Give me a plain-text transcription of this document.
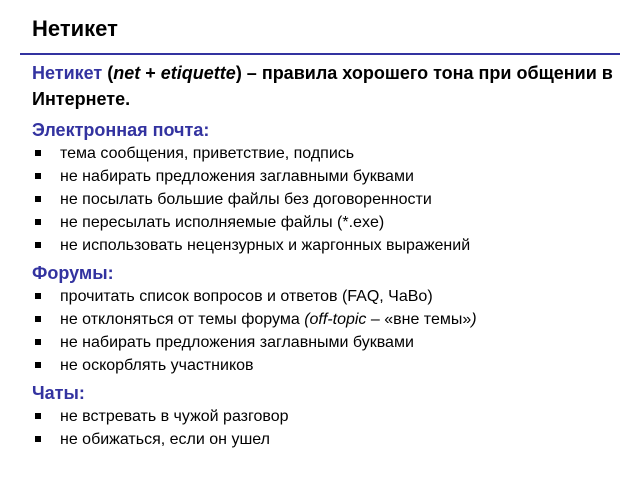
Нетикет

Нетикет (net + etiquette) – правила хорошего тона при общении в Интернете.

Электронная почта:
тема сообщения, приветствие, подпись
не набирать предложения заглавными буквами
не посылать большие файлы без договоренности
не пересылать исполняемые файлы (*.exe)
не использовать нецензурных и жаргонных выражений
Форумы:
прочитать список вопросов и ответов (FAQ, ЧаВо)
не отклоняться от темы форума (off-topic – «вне темы»)
не набирать предложения заглавными буквами
не оскорблять участников
Чаты:
не встревать в чужой разговор
не обижаться, если он ушел
